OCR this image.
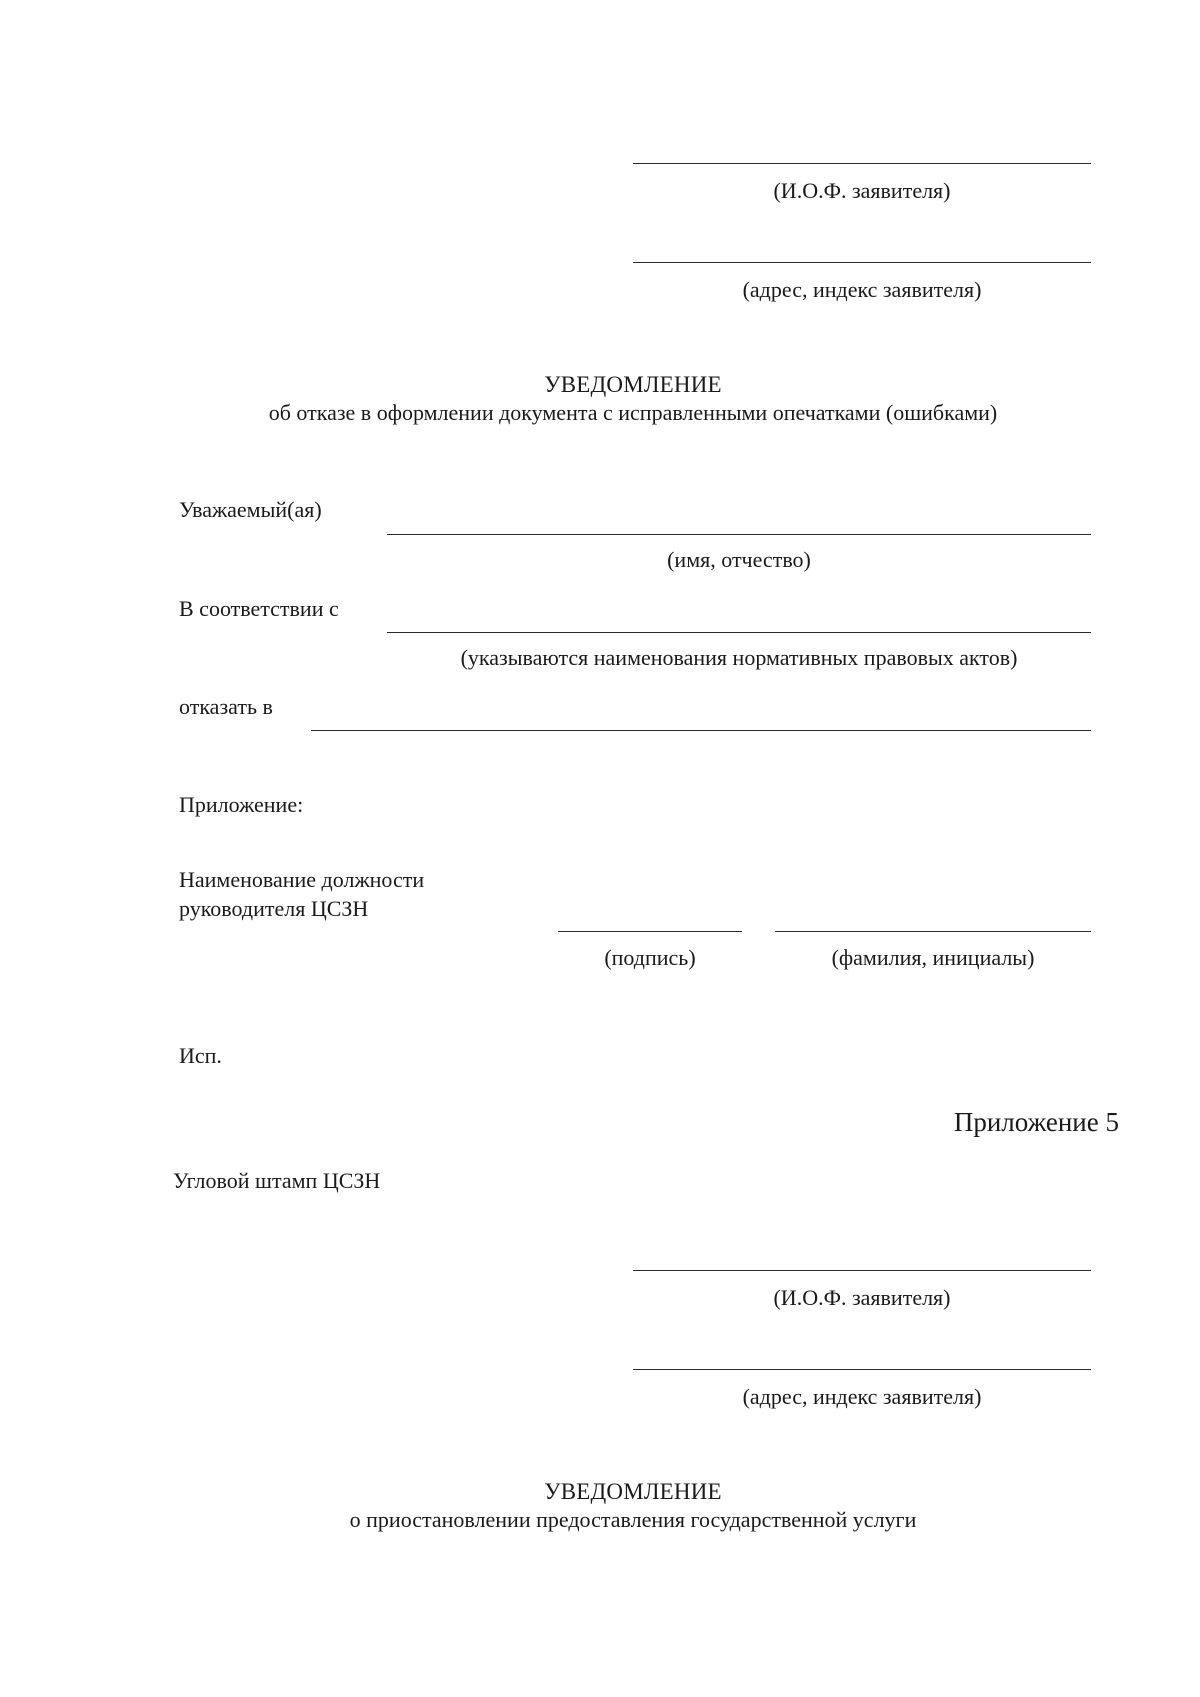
(И.О.Ф. заявителя)
(адрес, индекс заявителя)
УВЕДОМЛЕНИЕ
об отказе в оформлении документа с исправленными опечатками (ошибками)
Уважаемый(ая)
(имя, отчество)
В соответствии с
(указываются наименования нормативных правовых актов)
отказать в
Приложение:
Наименование должности
руководителя ЦСЗН
(подпись)	(фамилия, инициалы)
Исп.
Приложение 5
Угловой штамп ЦСЗН
(И.О.Ф. заявителя)
(адрес, индекс заявителя)
УВЕДОМЛЕНИЕ
о приостановлении предоставления государственной услуги
